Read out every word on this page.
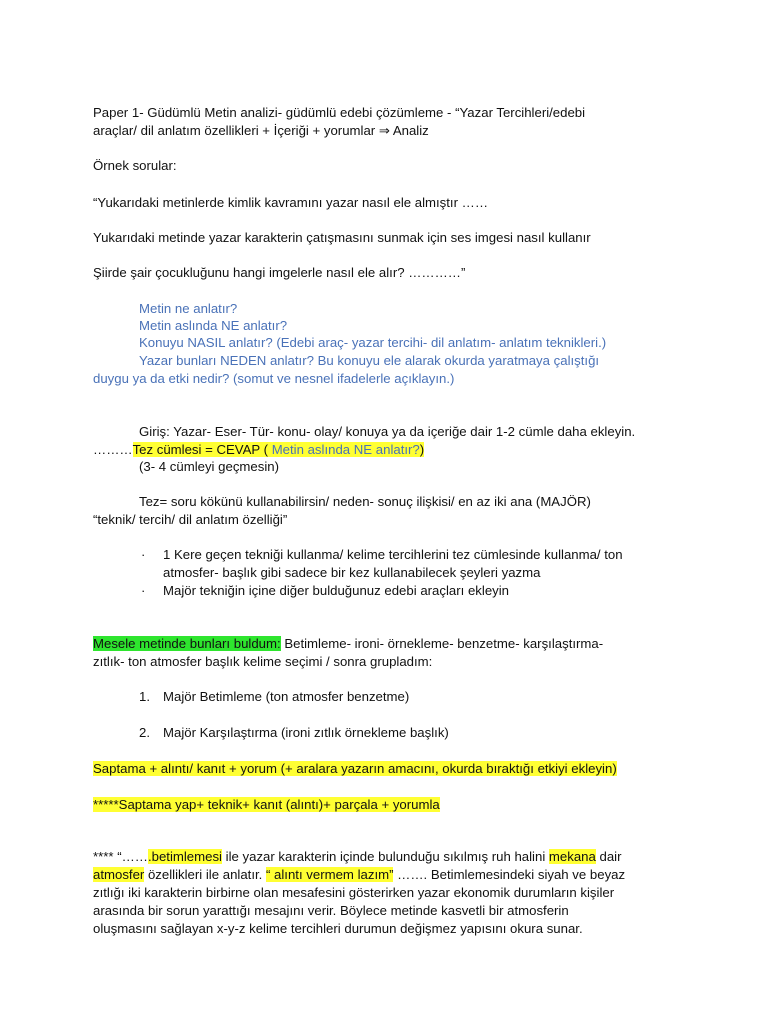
Paper 1- Güdümlü Metin analizi- güdümlü edebi çözümleme - “Yazar Tercihleri/edebi
araçlar/ dil anlatım özellikleri + İçeriği + yorumlar ⇒ Analiz
Örnek sorular:
“Yukarıdaki metinlerde kimlik kavramını yazar nasıl ele almıştır ……
Yukarıdaki metinde yazar karakterin çatışmasını sunmak için ses imgesi nasıl kullanır
Şiirde şair çocukluğunu hangi imgelerle nasıl ele alır? …………”
Metin ne anlatır?
Metin aslında NE anlatır?
Konuyu NASIL anlatır? (Edebi araç- yazar tercihi- dil anlatım- anlatım teknikleri.)
Yazar bunları NEDEN anlatır? Bu konuyu ele alarak okurda yaratmaya çalıştığı
duygu ya da etki nedir? (somut ve nesnel ifadelerle açıklayın.)
Giriş: Yazar- Eser- Tür- konu- olay/ konuya ya da içeriğe dair 1-2 cümle daha ekleyin.
………Tez cümlesi = CEVAP ( Metin aslında NE anlatır?)
(3- 4 cümleyi geçmesin)
Tez= soru kökünü kullanabilirsin/ neden- sonuç ilişkisi/ en az iki ana (MAJÖR)
“teknik/ tercih/ dil anlatım özelliği”
· 1 Kere geçen tekniği kullanma/ kelime tercihlerini tez cümlesinde kullanma/ ton
atmosfer- başlık gibi sadece bir kez kullanabilecek şeyleri yazma
· Majör tekniğin içine diğer bulduğunuz edebi araçları ekleyin
Mesele metinde bunları buldum: Betimleme- ironi- örnekleme- benzetme- karşılaştırma-
zıtlık- ton atmosfer başlık kelime seçimi / sonra grupladım:
1. Majör Betimleme (ton atmosfer benzetme)
2. Majör Karşılaştırma (ironi zıtlık örnekleme başlık)
Saptama + alıntı/ kanıt + yorum (+ aralara yazarın amacını, okurda bıraktığı etkiyi ekleyin)
*****Saptama yap+ teknik+ kanıt (alıntı)+ parçala + yorumla
**** “…….betimlemesi ile yazar karakterin içinde bulunduğu sıkılmış ruh halini mekana dair
atmosfer özellikleri ile anlatır. “ alıntı vermem lazım” ……. Betimlemesindeki siyah ve beyaz
zıtlığı iki karakterin birbirne olan mesafesini gösterirken yazar ekonomik durumların kişiler
arasında bir sorun yarattığı mesajını verir. Böylece metinde kasvetli bir atmosferin
oluşmasını sağlayan x-y-z kelime tercihleri durumun değişmez yapısını okura sunar.
